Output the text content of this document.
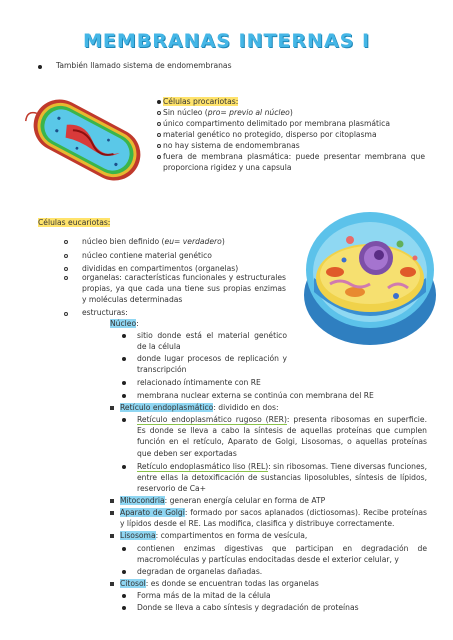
MEMBRANAS INTERNAS I
También llamado sistema de endomembranas
Células procariotas:
Sin núcleo (pro= previo al núcleo)
único compartimento delimitado por membrana plasmática
material genético no protegido, disperso por citoplasma
no hay sistema de endomembranas
fuera de membrana plasmática: puede presentar membrana que proporciona rigidez y una capsula
Células eucariotas:
núcleo bien definido (eu= verdadero)
núcleo contiene material genético
divididas en compartimentos (organelas)
organelas: características funcionales y estructurales propias, ya que cada una tiene sus propias enzimas y moléculas determinadas
estructuras:
Núcleo:
sitio donde está el material genético de la célula
donde lugar procesos de replicación y transcripción
relacionado íntimamente con RE
membrana nuclear externa se continúa con membrana del RE
Retículo endoplasmático: dividido en dos:
Retículo endoplasmático rugoso (RER): presenta ribosomas en superficie. Es donde se lleva a cabo la síntesis de aquellas proteínas que cumplen función en el retículo, Aparato de Golgi, Lisosomas, o aquellas proteínas que deben ser exportadas
Retículo endoplasmático liso (REL): sin ribosomas. Tiene diversas funciones, entre ellas la detoxificación de sustancias liposolubles, síntesis de lípidos, reservorio de Ca+
Mitocondria: generan energía celular en forma de ATP
Aparato de Golgi: formado por sacos aplanados (dictiosomas). Recibe proteínas y lípidos desde el RE. Las modifica, clasifica y distribuye correctamente.
Lisosoma: compartimentos en forma de vesícula,
contienen enzimas digestivas que participan en degradación de macromoléculas y partículas endocitadas desde el exterior celular, y
degradan de organelas dañadas.
Citosol: es donde se encuentran todas las organelas
Forma más de la mitad de la célula
Donde se lleva a cabo síntesis y degradación de proteínas
